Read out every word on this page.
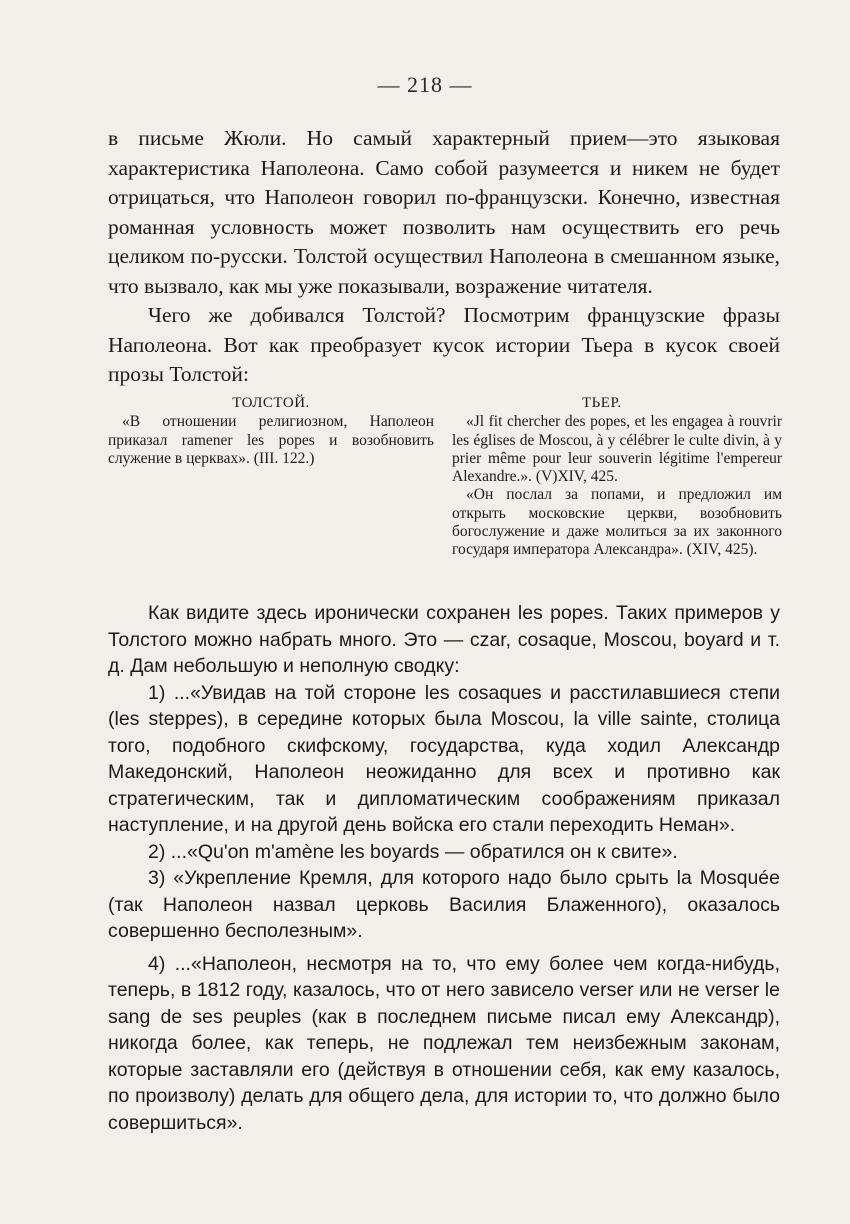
— 218 —

в письме Жюли. Но самый характерный прием—это языковая характеристика Наполеона. Само собой разумеется и никем не будет отрицаться, что Наполеон говорил по-французски. Конечно, известная романная условность может позволить нам осуществить его речь целиком по-русски. Толстой осуществил Наполеона в смешанном языке, что вызвало, как мы уже показывали, возражение читателя.

Чего же добивался Толстой? Посмотрим французские фразы Наполеона. Вот как преобразует кусок истории Тьера в кусок своей прозы Толстой:

ТОЛСТОЙ.

«В отношении религиозном, Наполеон приказал ramener les popes и возобновить служение в церквах». (III. 122.)

ТЬЕР.

«Jl fit chercher des popes, et les engagea à rouvrir les églises de Moscou, à y célébrer le culte divin, à y prier même pour leur souverin légitime l'empereur Alexandre.». (V)XIV, 425.

«Он послал за попами, и предложил им открыть московские церкви, возобновить богослужение и даже молиться за их законного государя императора Александра». (XIV, 425).

Как видите здесь иронически сохранен les popes. Таких примеров у Толстого можно набрать много. Это — czar, cosaque, Moscou, boyard и т. д. Дам небольшую и неполную сводку:

1) ...«Увидав на той стороне les cosaques и расстилавшиеся степи (les steppes), в середине которых была Moscou, la ville sainte, столица того, подобного скифскому, государства, куда ходил Александр Македонский, Наполеон неожиданно для всех и противно как стратегическим, так и дипломатическим соображениям приказал наступление, и на другой день войска его стали переходить Неман».

2) ...«Qu'on m'amène les boyards — обратился он к свите».

3) «Укрепление Кремля, для которого надо было срыть la Mosquée (так Наполеон назвал церковь Василия Блаженного), оказалось совершенно бесполезным».

4) ...«Наполеон, несмотря на то, что ему более чем когда-нибудь, теперь, в 1812 году, казалось, что от него зависело verser или не verser le sang de ses peuples (как в последнем письме писал ему Александр), никогда более, как теперь, не подлежал тем неизбежным законам, которые заставляли его (действуя в отношении себя, как ему казалось, по произволу) делать для общего дела, для истории то, что должно было совершиться».
